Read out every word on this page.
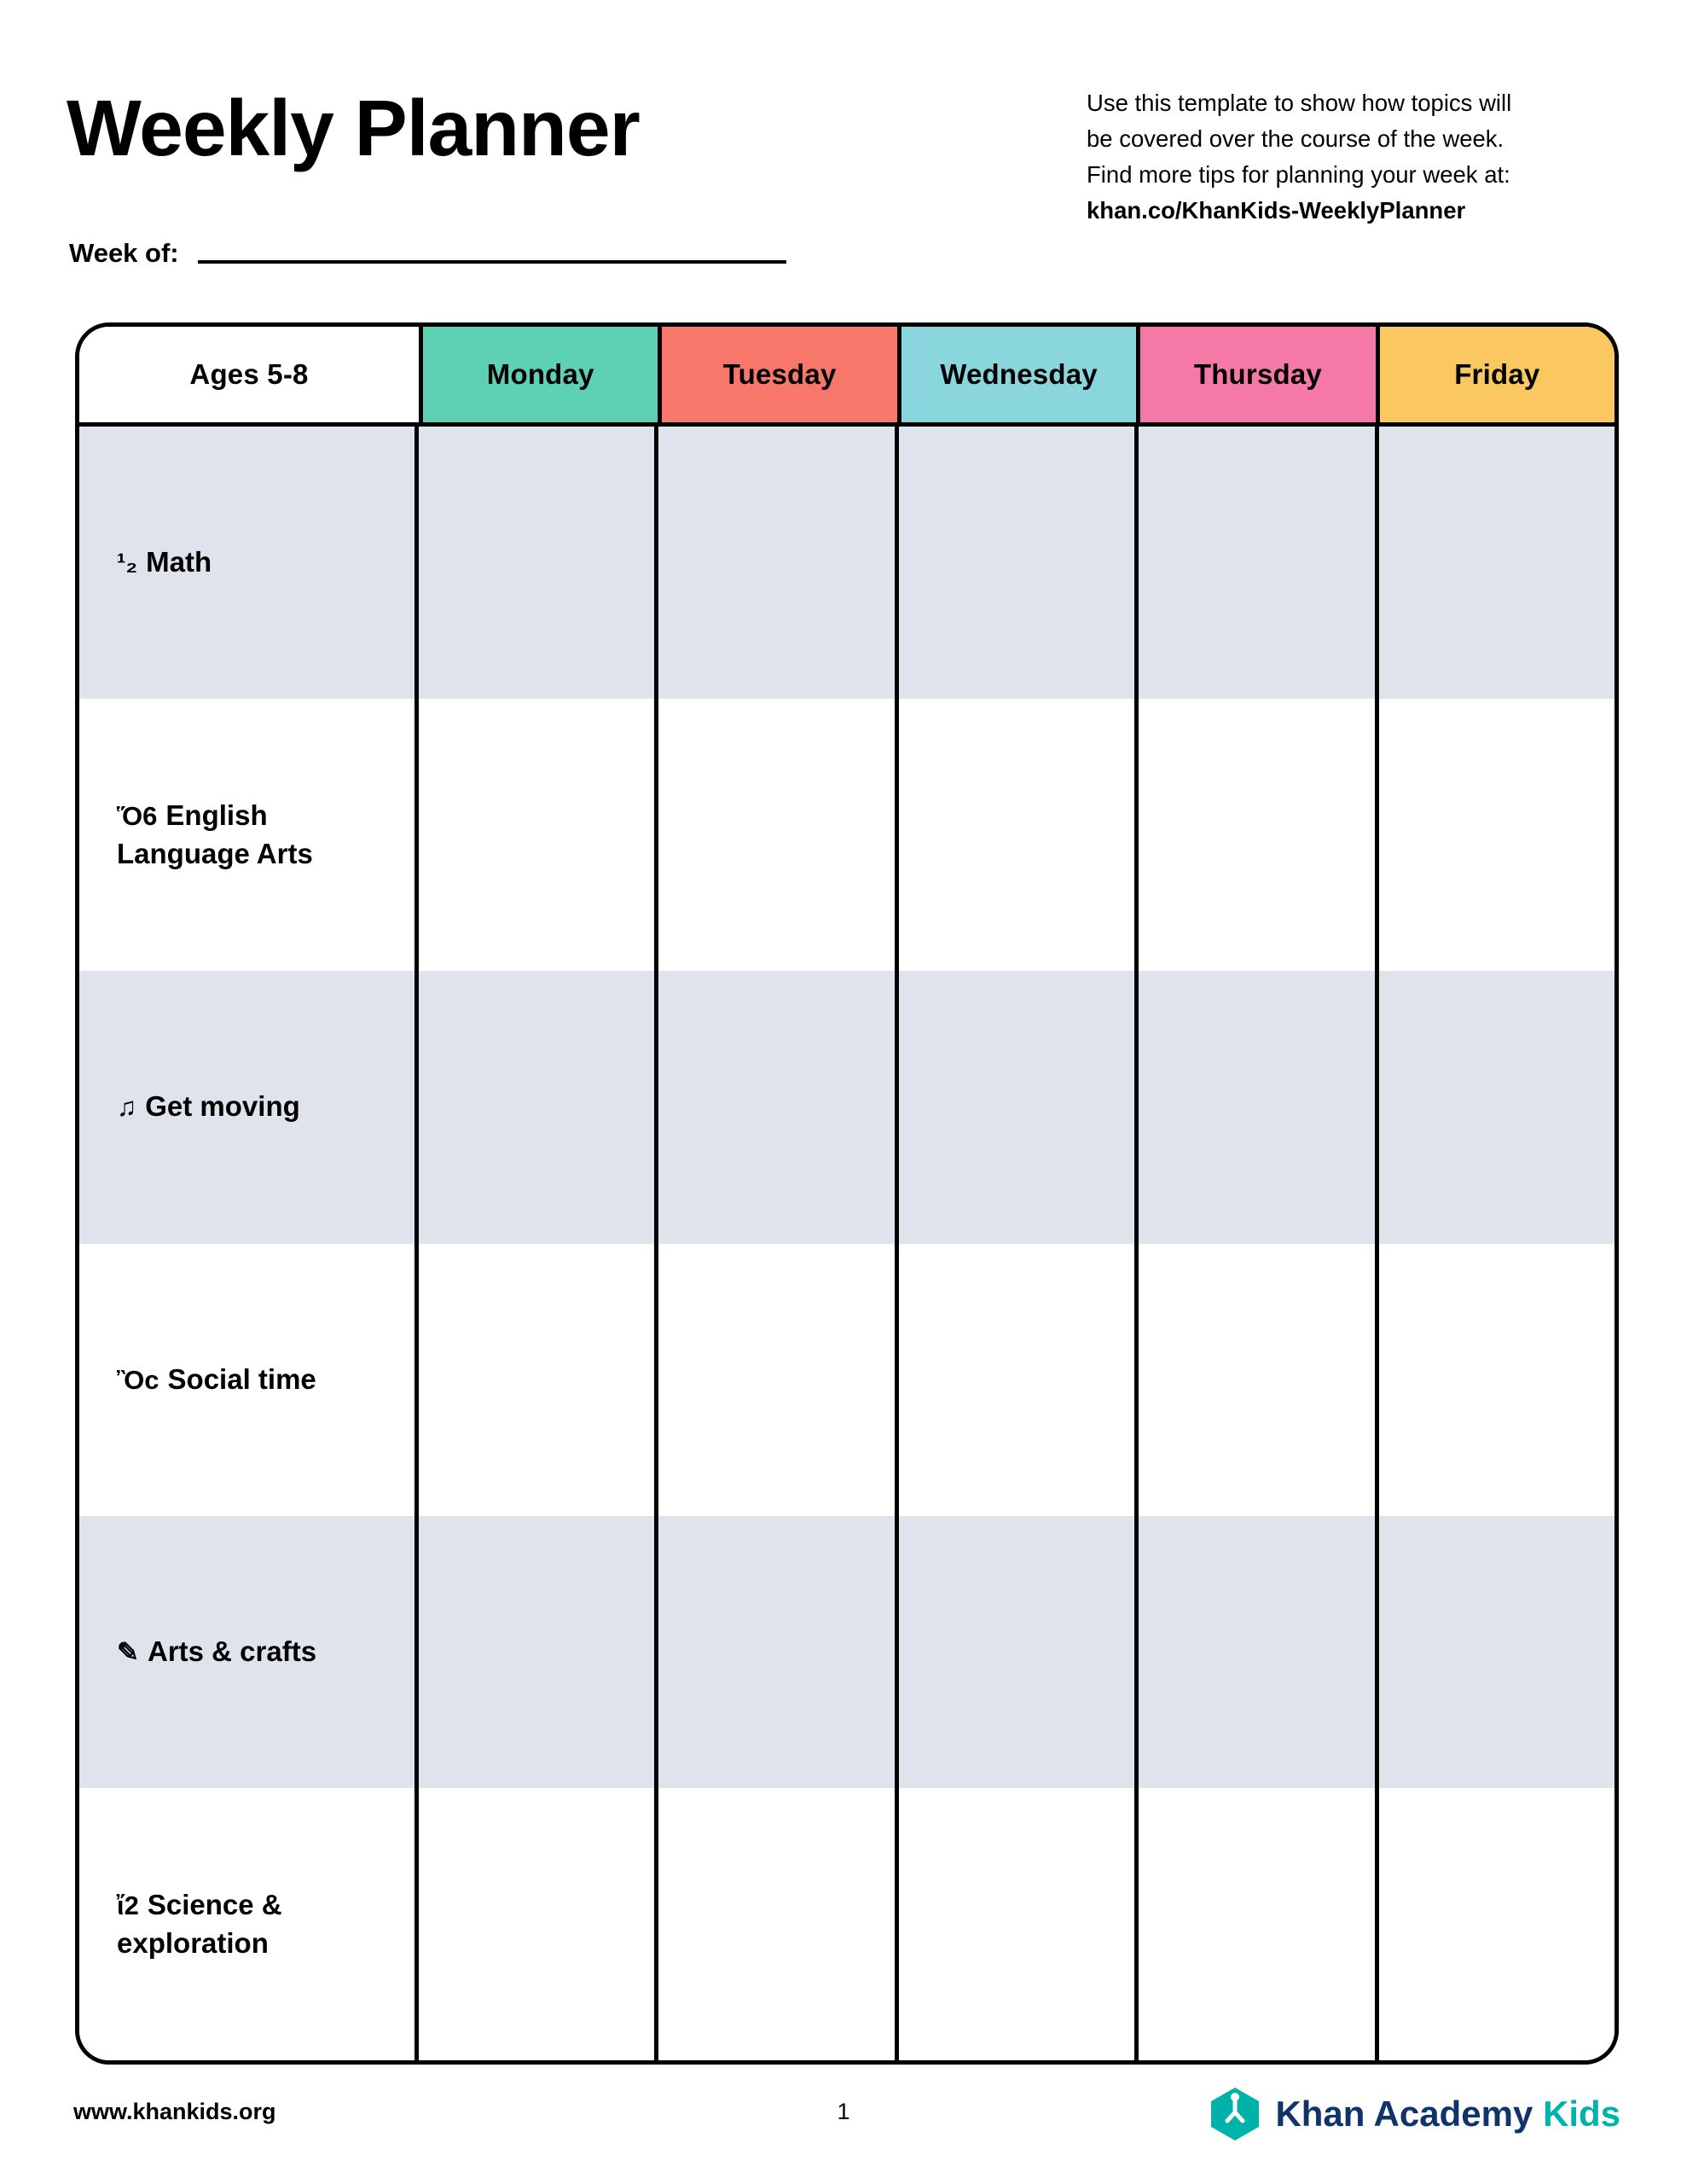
Weekly Planner
Week of:
Use this template to show how topics will
be covered over the course of the week.
Find more tips for planning your week at:
khan.co/KhanKids-WeeklyPlanner
Ages 5-8	Monday	Tuesday	Wednesday	Thursday	Friday
¹₂ Math
Ὅ6 English
Language Arts
♫ Get moving
Ὂc Social time
✎ Arts & crafts
ἴ2 Science &
exploration
www.khankids.org	1	Khan Academy Kids
